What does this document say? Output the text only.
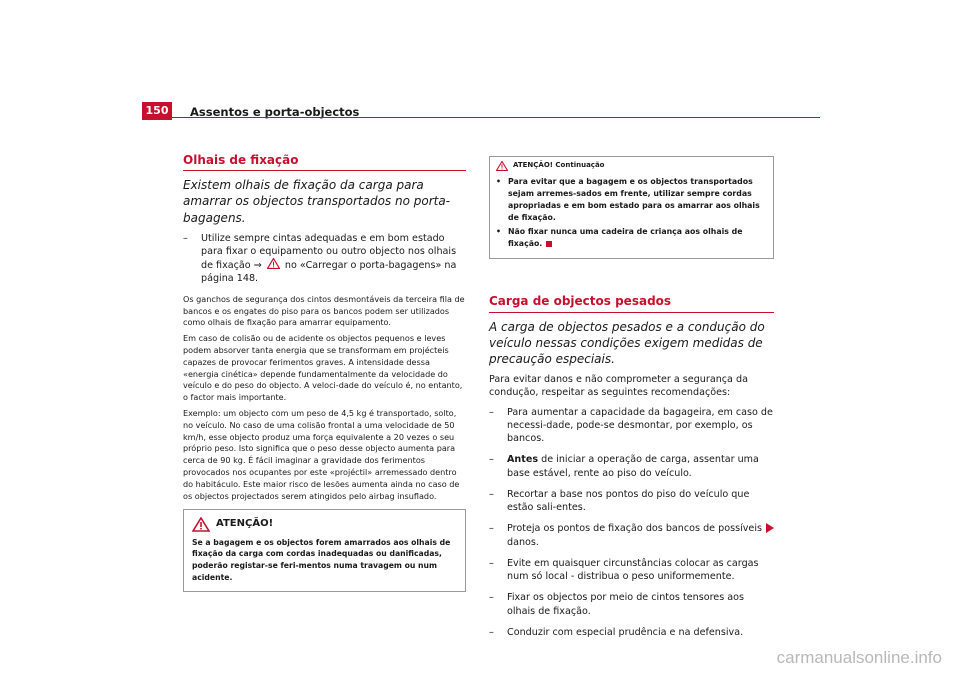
150	Assentos e porta-objectos
Olhais de fixação
Existem olhais de fixação da carga para amarrar os objectos transportados no porta-bagagens.
– Utilize sempre cintas adequadas e em bom estado para fixar o equipamento ou outro objecto nos olhais de fixação ⇒ no «Carregar o porta-bagagens» na página 148.

Os ganchos de segurança dos cintos desmontáveis da terceira fila de bancos e os engates do piso para os bancos podem ser utilizados como olhais de fixação para amarrar equipamento.

Em caso de colisão ou de acidente os objectos pequenos e leves podem absorver tanta energia que se transformam em projécteis capazes de provocar ferimentos graves. A intensidade dessa «energia cinética» depende fundamentalmente da velocidade do veículo e do peso do objecto. A veloci-dade do veículo é, no entanto, o factor mais importante.

Exemplo: um objecto com um peso de 4,5 kg é transportado, solto, no veículo. No caso de uma colisão frontal a uma velocidade de 50 km/h, esse objecto produz uma força equivalente a 20 vezes o seu próprio peso. Isto significa que o peso desse objecto aumenta para cerca de 90 kg. É fácil imaginar a gravidade dos ferimentos provocados nos ocupantes por este «projéctil» arremessado dentro do habitáculo. Este maior risco de lesões aumenta ainda no caso de os objectos projectados serem atingidos pelo airbag insuflado.

ATENÇÃO!
Se a bagagem e os objectos forem amarrados aos olhais de fixação da carga com cordas inadequadas ou danificadas, poderão registar-se feri-mentos numa travagem ou num acidente.
ATENÇÃO! Continuação
• Para evitar que a bagagem e os objectos transportados sejam arremes-sados em frente, utilizar sempre cordas apropriadas e em bom estado para os amarrar aos olhais de fixação.
• Não fixar nunca uma cadeira de criança aos olhais de fixação.
Carga de objectos pesados
A carga de objectos pesados e a condução do veículo nessas condições exigem medidas de precaução especiais.
Para evitar danos e não comprometer a segurança da condução, respeitar as seguintes recomendações:
– Para aumentar a capacidade da bagageira, em caso de necessi-dade, pode-se desmontar, por exemplo, os bancos.
– Antes de iniciar a operação de carga, assentar uma base estável, rente ao piso do veículo.
– Recortar a base nos pontos do piso do veículo que estão sali-entes.
– Proteja os pontos de fixação dos bancos de possíveis danos.
– Evite em quaisquer circunstâncias colocar as cargas num só local - distribua o peso uniformemente.
– Fixar os objectos por meio de cintos tensores aos olhais de fixação.
– Conduzir com especial prudência e na defensiva.
carmanualsonline.info
